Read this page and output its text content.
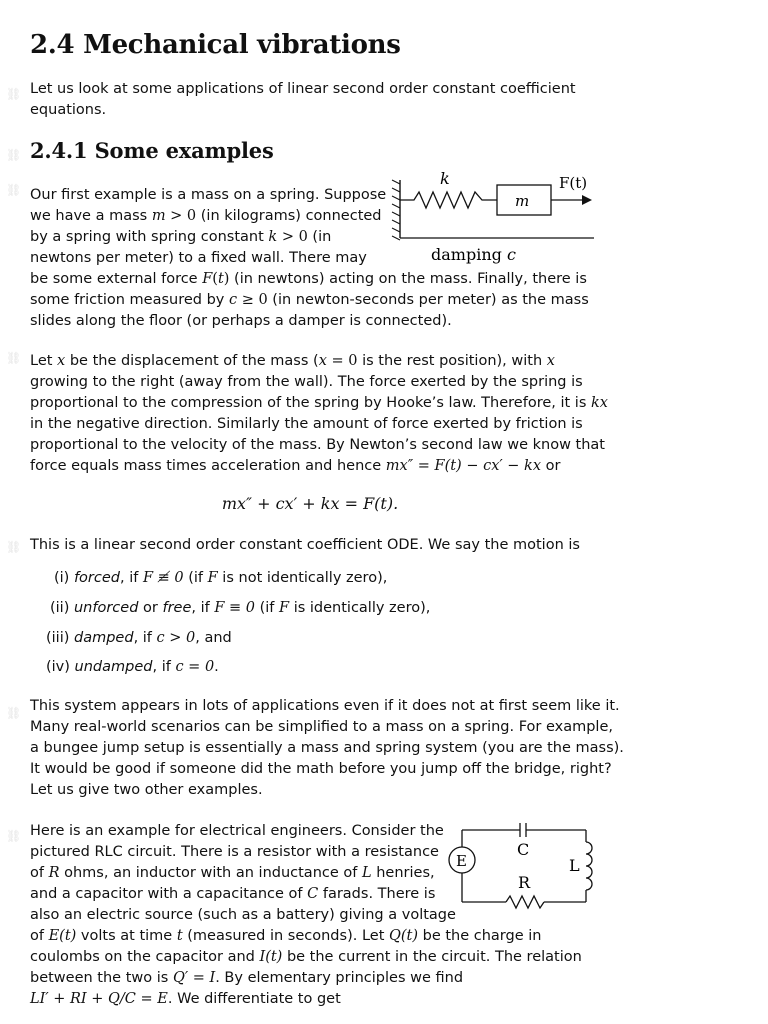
2.4 Mechanical vibrations
Let us look at some applications of linear second order constant coefficient
equations.
2.4.1 Some examples
Our first example is a mass on a spring. Suppose
we have a mass m > 0 (in kilograms) connected
by a spring with spring constant k > 0 (in
newtons per meter) to a fixed wall. There may
be some external force F(t) (in newtons) acting on the mass. Finally, there is
some friction measured by c ≥ 0 (in newton-seconds per meter) as the mass
slides along the floor (or perhaps a damper is connected).
k
m
F(t)
damping c
Let x be the displacement of the mass (x = 0 is the rest position), with x
growing to the right (away from the wall). The force exerted by the spring is
proportional to the compression of the spring by Hooke’s law. Therefore, it is kx
in the negative direction. Similarly the amount of force exerted by friction is
proportional to the velocity of the mass. By Newton’s second law we know that
force equals mass times acceleration and hence mx″ = F(t) − cx′ − kx or
mx″ + cx′ + kx = F(t).
This is a linear second order constant coefficient ODE. We say the motion is
(i) forced, if F ≢ 0 (if F is not identically zero),
(ii) unforced or free, if F ≡ 0 (if F is identically zero),
(iii) damped, if c > 0, and
(iv) undamped, if c = 0.
This system appears in lots of applications even if it does not at first seem like it.
Many real-world scenarios can be simplified to a mass on a spring. For example,
a bungee jump setup is essentially a mass and spring system (you are the mass).
It would be good if someone did the math before you jump off the bridge, right?
Let us give two other examples.
Here is an example for electrical engineers. Consider the
pictured RLC circuit. There is a resistor with a resistance
of R ohms, an inductor with an inductance of L henries,
and a capacitor with a capacitance of C farads. There is
also an electric source (such as a battery) giving a voltage
of E(t) volts at time t (measured in seconds). Let Q(t) be the charge in
coulombs on the capacitor and I(t) be the current in the circuit. The relation
between the two is Q′ = I. By elementary principles we find
LI′ + RI + Q/C = E. We differentiate to get
E
C
L
R
⛓
⛓
⛓
⛓
⛓
⛓
⛓
